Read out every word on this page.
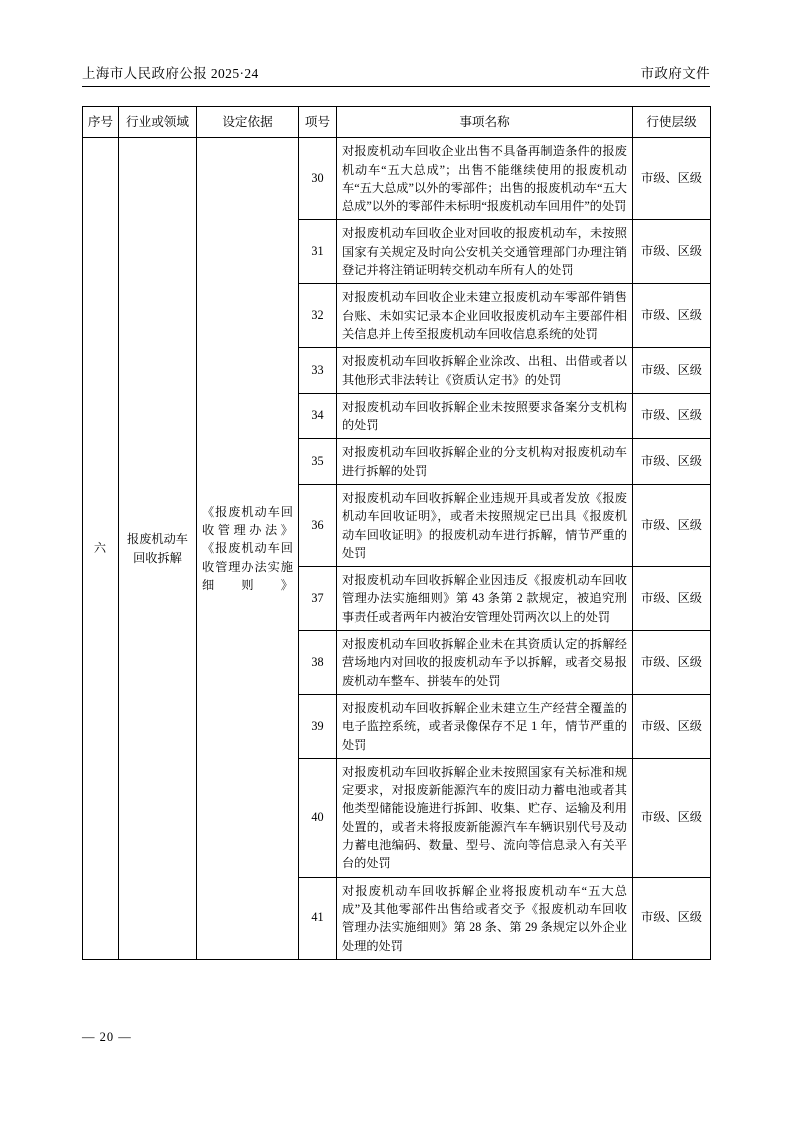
上海市人民政府公报 2025·24	市政府文件
序号	行业或领域	设定依据	项号	事项名称	行使层级
六	报废机动车回收拆解	《报废机动车回收管理办法》《报废机动车回收管理办法实施细则》	30	对报废机动车回收企业出售不具备再制造条件的报废机动车“五大总成”；出售不能继续使用的报废机动车“五大总成”以外的零部件；出售的报废机动车“五大总成”以外的零部件未标明“报废机动车回用件”的处罚	市级、区级
			31	对报废机动车回收企业对回收的报废机动车，未按照国家有关规定及时向公安机关交通管理部门办理注销登记并将注销证明转交机动车所有人的处罚	市级、区级
			32	对报废机动车回收企业未建立报废机动车零部件销售台账、未如实记录本企业回收报废机动车主要部件相关信息并上传至报废机动车回收信息系统的处罚	市级、区级
			33	对报废机动车回收拆解企业涂改、出租、出借或者以其他形式非法转让《资质认定书》的处罚	市级、区级
			34	对报废机动车回收拆解企业未按照要求备案分支机构的处罚	市级、区级
			35	对报废机动车回收拆解企业的分支机构对报废机动车进行拆解的处罚	市级、区级
			36	对报废机动车回收拆解企业违规开具或者发放《报废机动车回收证明》，或者未按照规定已出具《报废机动车回收证明》的报废机动车进行拆解，情节严重的处罚	市级、区级
			37	对报废机动车回收拆解企业因违反《报废机动车回收管理办法实施细则》第 43 条第 2 款规定，被追究刑事责任或者两年内被治安管理处罚两次以上的处罚	市级、区级
			38	对报废机动车回收拆解企业未在其资质认定的拆解经营场地内对回收的报废机动车予以拆解，或者交易报废机动车整车、拼装车的处罚	市级、区级
			39	对报废机动车回收拆解企业未建立生产经营全覆盖的电子监控系统，或者录像保存不足 1 年，情节严重的处罚	市级、区级
			40	对报废机动车回收拆解企业未按照国家有关标准和规定要求，对报废新能源汽车的废旧动力蓄电池或者其他类型储能设施进行拆卸、收集、贮存、运输及利用处置的，或者未将报废新能源汽车车辆识别代号及动力蓄电池编码、数量、型号、流向等信息录入有关平台的处罚	市级、区级
			41	对报废机动车回收拆解企业将报废机动车“五大总成”及其他零部件出售给或者交予《报废机动车回收管理办法实施细则》第 28 条、第 29 条规定以外企业处理的处罚	市级、区级
— 20 —
